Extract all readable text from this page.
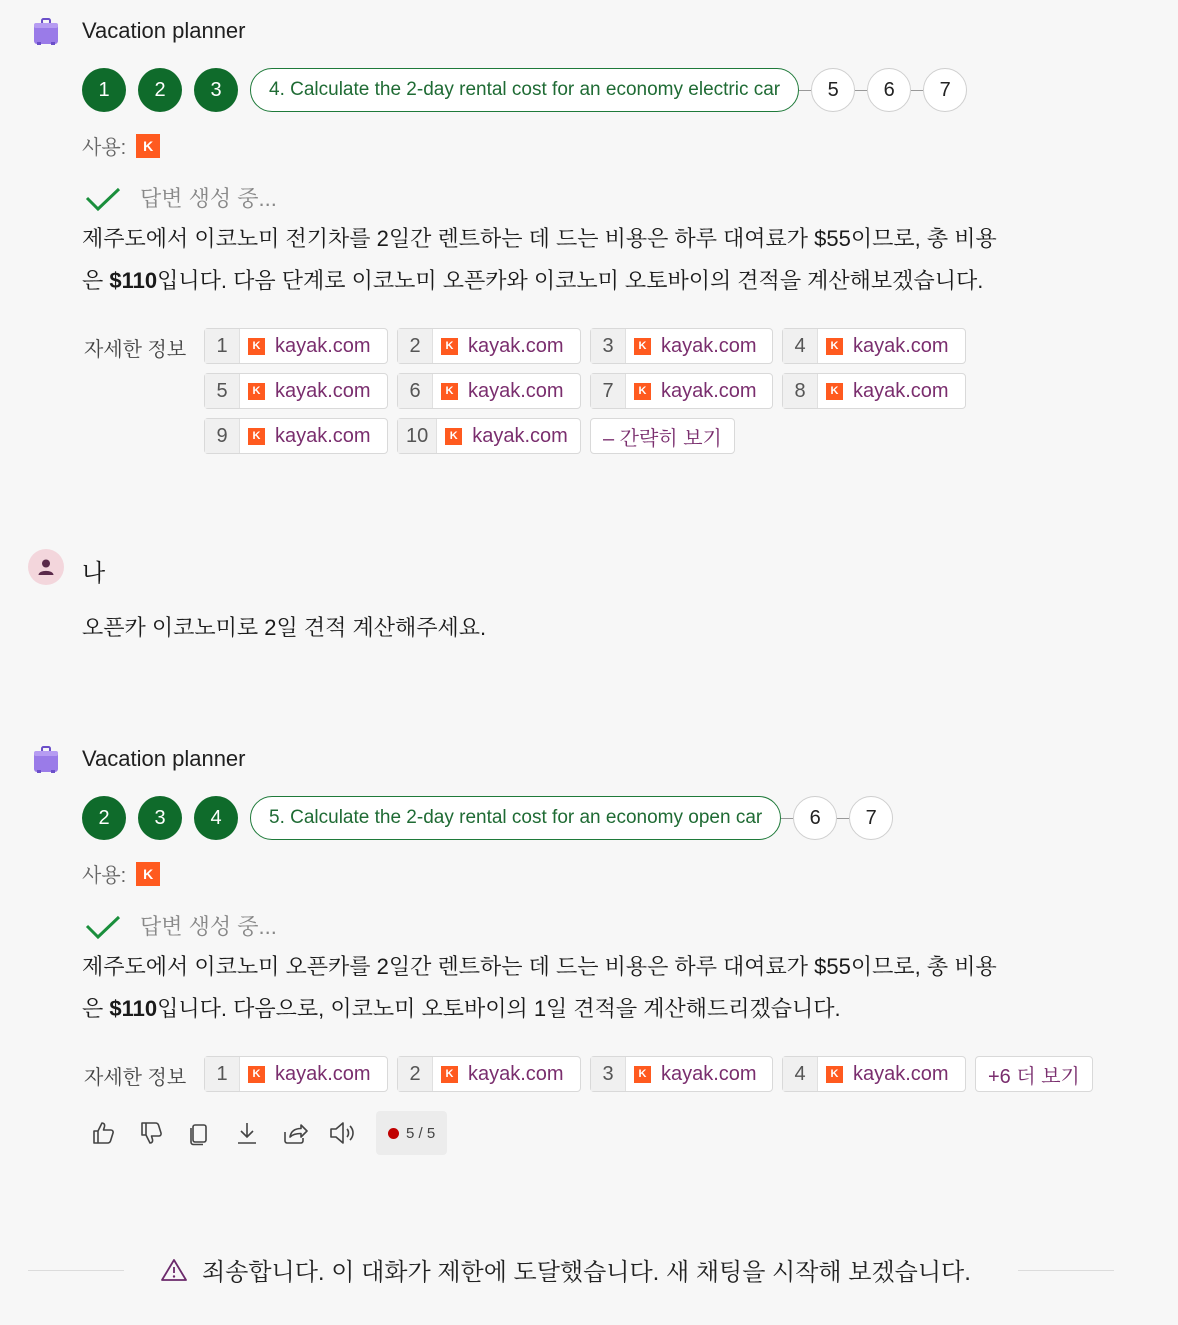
Vacation planner
1	2	3	4. Calculate the 2-day rental cost for an economy electric car	5	6	7
사용:	K
답변 생성 중...
제주도에서 이코노미 전기차를 2일간 렌트하는 데 드는 비용은 하루 대여료가 $55이므로, 총 비용
은 $110입니다. 다음 단계로 이코노미 오픈카와 이코노미 오토바이의 견적을 계산해보겠습니다.
자세한 정보	1	K kayak.com	2	K kayak.com	3	K kayak.com	4	K kayak.com
5	K kayak.com	6	K kayak.com	7	K kayak.com	8	K kayak.com
9	K kayak.com	10	K kayak.com	– 간략히 보기
나
오픈카 이코노미로 2일 견적 계산해주세요.
Vacation planner
2	3	4	5. Calculate the 2-day rental cost for an economy open car	6	7
사용:	K
답변 생성 중...
제주도에서 이코노미 오픈카를 2일간 렌트하는 데 드는 비용은 하루 대여료가 $55이므로, 총 비용
은 $110입니다. 다음으로, 이코노미 오토바이의 1일 견적을 계산해드리겠습니다.
자세한 정보	1	K kayak.com	2	K kayak.com	3	K kayak.com	4	K kayak.com	+6 더 보기
5 / 5
죄송합니다. 이 대화가 제한에 도달했습니다. 새 채팅을 시작해 보겠습니다.
